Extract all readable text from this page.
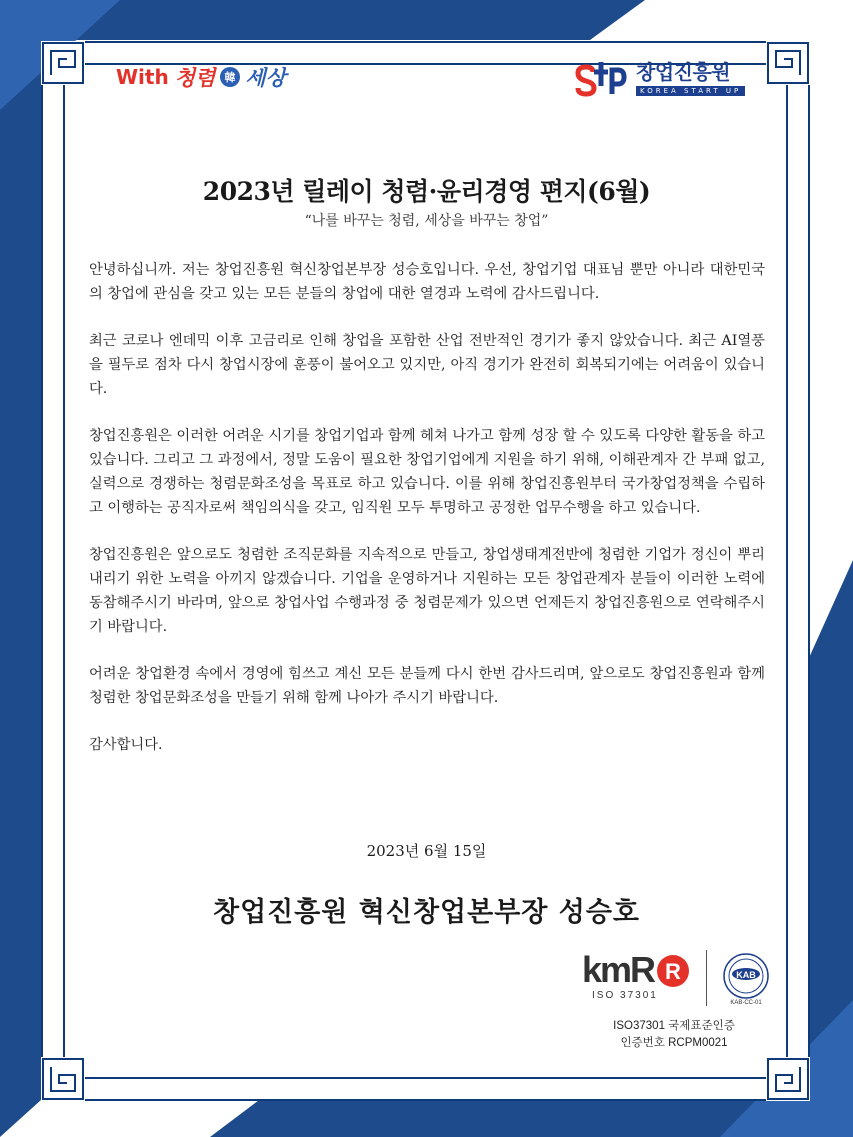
With 청렴 韓 세상	창업진흥원
KOREA START UP
2023년 릴레이 청렴·윤리경영 편지(6월)
“나를 바꾸는 청렴, 세상을 바꾸는 창업”

안녕하십니까. 저는 창업진흥원 혁신창업본부장 성승호입니다. 우선, 창업기업 대표님 뿐만 아니라 대한민국의 창업에 관심을 갖고 있는 모든 분들의 창업에 대한 열경과 노력에 감사드립니다.

최근 코로나 엔데믹 이후 고금리로 인해 창업을 포함한 산업 전반적인 경기가 좋지 않았습니다. 최근 AI열풍을 필두로 점차 다시 창업시장에 훈풍이 불어오고 있지만, 아직 경기가 완전히 회복되기에는 어려움이 있습니다.

창업진흥원은 이러한 어려운 시기를 창업기업과 함께 헤쳐 나가고 함께 성장 할 수 있도록 다양한 활동을 하고 있습니다. 그리고 그 과정에서, 정말 도움이 필요한 창업기업에게 지원을 하기 위해, 이해관계자 간 부패 없고, 실력으로 경쟁하는 청렴문화조성을 목표로 하고 있습니다. 이를 위해 창업진흥원부터 국가창업정책을 수립하고 이행하는 공직자로써 책임의식을 갖고, 임직원 모두 투명하고 공정한 업무수행을 하고 있습니다.

창업진흥원은 앞으로도 청렴한 조직문화를 지속적으로 만들고, 창업생태계전반에 청렴한 기업가 정신이 뿌리내리기 위한 노력을 아끼지 않겠습니다. 기업을 운영하거나 지원하는 모든 창업관계자 분들이 이러한 노력에 동참해주시기 바라며, 앞으로 창업사업 수행과정 중 청렴문제가 있으면 언제든지 창업진흥원으로 연락해주시기 바랍니다.

어려운 창업환경 속에서 경영에 힘쓰고 계신 모든 분들께 다시 한번 감사드리며, 앞으로도 창업진흥원과 함께 청렴한 창업문화조성을 만들기 위해 함께 나아가 주시기 바랍니다.

감사합니다.

2023년 6월 15일
창업진흥원 혁신창업본부장 성승호
kmR R
ISO 37301
KAB
KAB-CC-01
ISO37301 국제표준인증
인증번호 RCPM0021
